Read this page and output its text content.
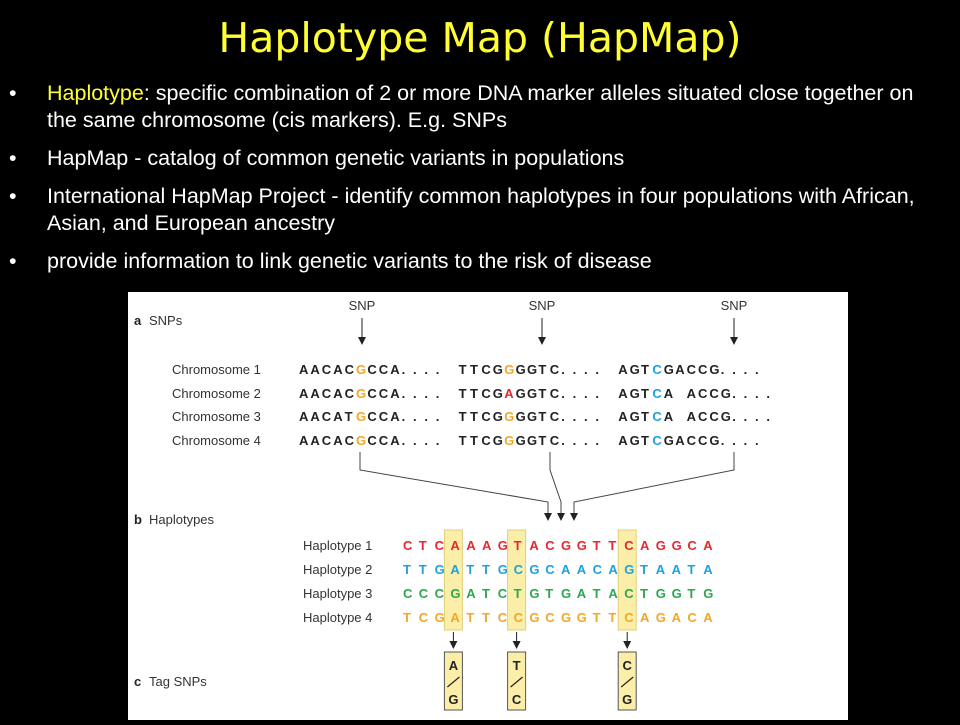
Haplotype Map (HapMap)
• Haplotype: specific combination of 2 or more DNA marker alleles situated close together on the same chromosome (cis markers). E.g. SNPs
• HapMap - catalog of common genetic variants in populations
• International HapMap Project - identify common haplotypes in four populations with African, Asian, and European ancestry
• provide information to link genetic variants to the risk of disease
a SNPs
b Haplotypes
c Tag SNPs
SNP	SNP	SNP
Chromosome 1
Chromosome 2
Chromosome 3
Chromosome 4
Haplotype 1
Haplotype 2
Haplotype 3
Haplotype 4
A A C A C GC C A . . . . T T C GGGGT C . . . . A GT C GA C C G. . . .
A A C A C GC C A . . . . T T C GA GGT C . . . . A GT C A A C C G. . . .
A A C A T GC C A . . . . T T C GGGGT C . . . . A GT C A A C C G. . . .
A A C A C GC C A . . . . T T C GGGGT C . . . . A GT C GA C C G. . . .
C T C A A A G T A C G G T T C A G G C A
T T G A T T G C G C A A C A G T A A T A
C C C G A T C T G T G A T A C T G G T G
T C G A T T C C G C G G T T C A G A C A
A
G
T
C
C
G
